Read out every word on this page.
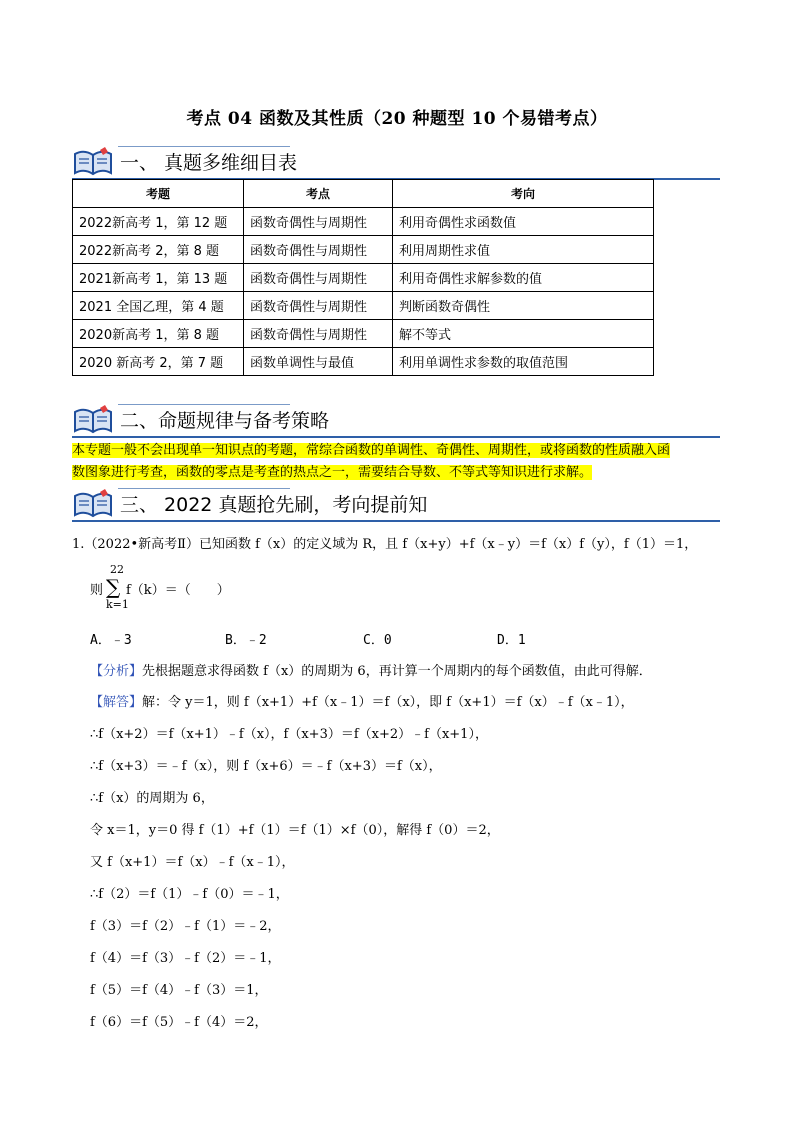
考点 04 函数及其性质（20 种题型 10 个易错考点）
一、 真题多维细目表
考题	考点	考向
2022新高考 1，第 12 题	函数奇偶性与周期性	利用奇偶性求函数值
2022新高考 2，第 8 题	函数奇偶性与周期性	利用周期性求值
2021新高考 1，第 13 题	函数奇偶性与周期性	利用奇偶性求解参数的值
2021 全国乙理，第 4 题	函数奇偶性与周期性	判断函数奇偶性
2020新高考 1，第 8 题	函数奇偶性与周期性	解不等式
2020 新高考 2，第 7 题	函数单调性与最值	利用单调性求参数的取值范围
二、命题规律与备考策略
本专题一般不会出现单一知识点的考题，常综合函数的单调性、奇偶性、周期性，或将函数的性质融入函
数图象进行考查，函数的零点是考查的热点之一，需要结合导数、不等式等知识进行求解。
三、 2022 真题抢先刷，考向提前知
1.（2022•新高考Ⅱ）已知函数 f（x）的定义域为 R，且 f（x+y）+f（x﹣y）＝f（x）f（y），f（1）＝1，
则
22
∑
k=1
f（k）＝（　　）
A．﹣3	B．﹣2	C．0	D．1
【分析】先根据题意求得函数 f（x）的周期为 6，再计算一个周期内的每个函数值，由此可得解．
【解答】解：令 y＝1，则 f（x+1）+f（x﹣1）＝f（x），即 f（x+1）＝f（x）﹣f（x﹣1），
∴f（x+2）＝f（x+1）﹣f（x），f（x+3）＝f（x+2）﹣f（x+1），
∴f（x+3）＝﹣f（x），则 f（x+6）＝﹣f（x+3）＝f（x），
∴f（x）的周期为 6，
令 x＝1，y＝0 得 f（1）+f（1）＝f（1）×f（0），解得 f（0）＝2，
又 f（x+1）＝f（x）﹣f（x﹣1），
∴f（2）＝f（1）﹣f（0）＝﹣1，
f（3）＝f（2）﹣f（1）＝﹣2，
f（4）＝f（3）﹣f（2）＝﹣1，
f（5）＝f（4）﹣f（3）＝1，
f（6）＝f（5）﹣f（4）＝2，
